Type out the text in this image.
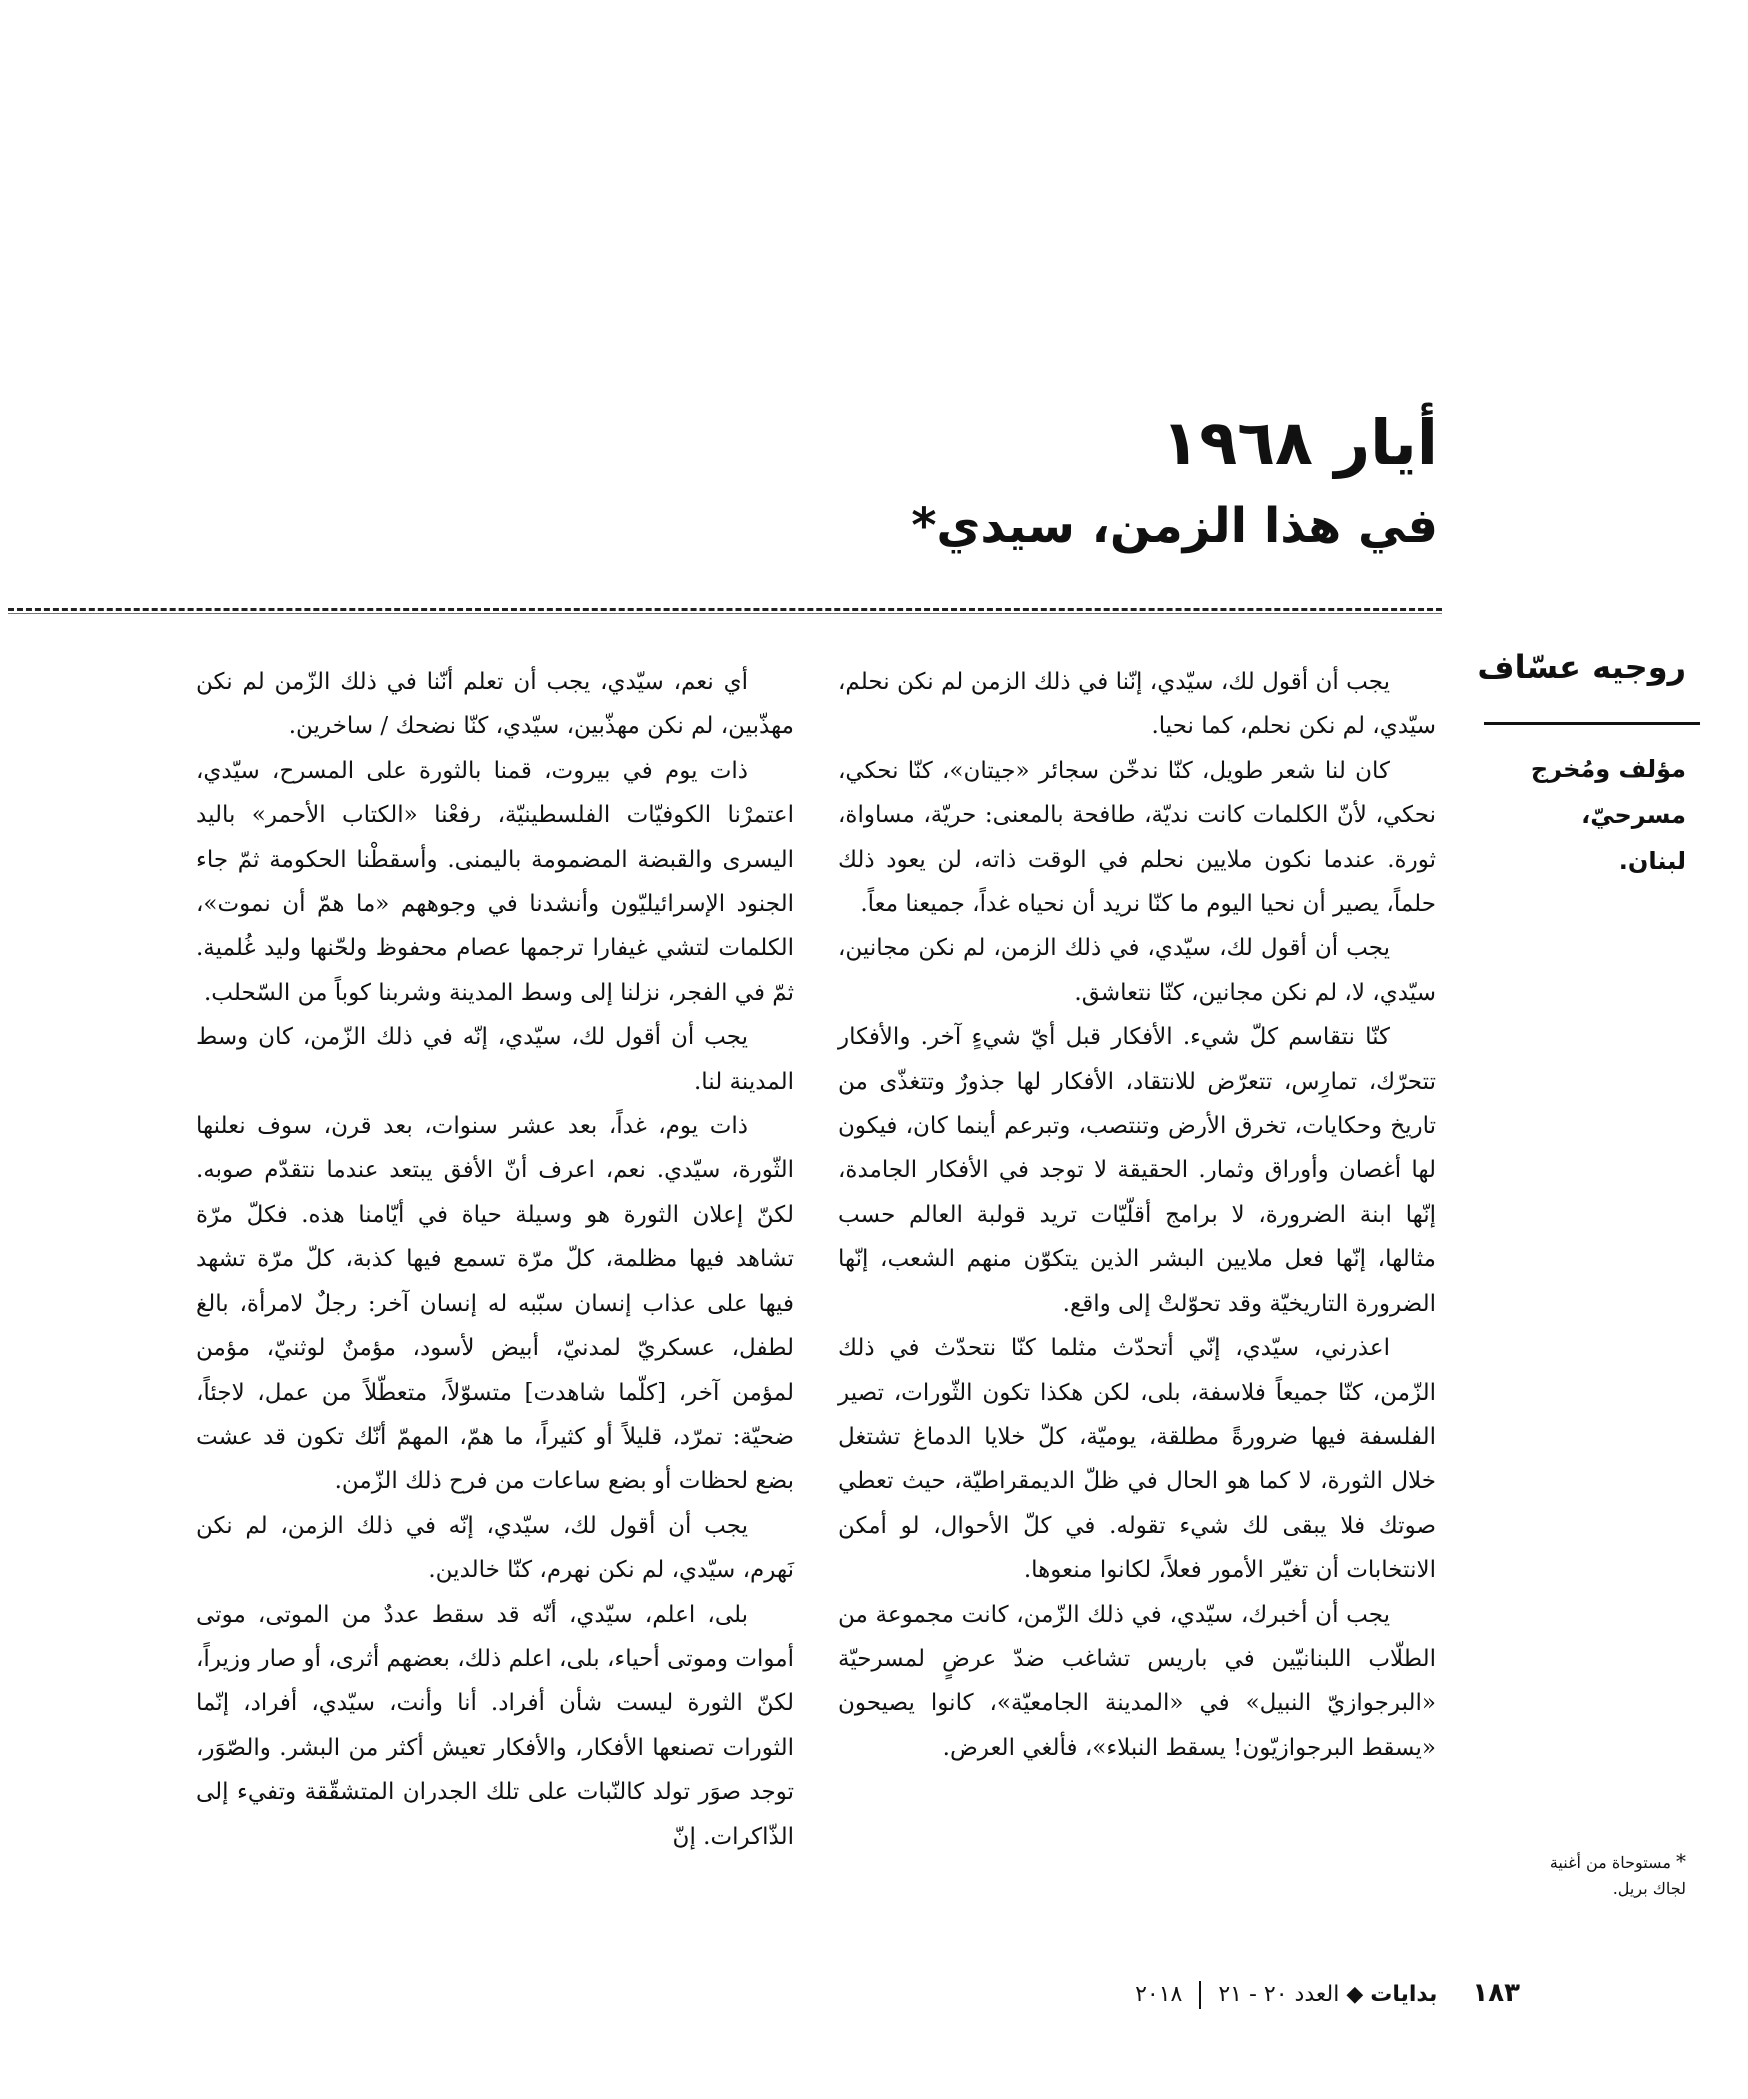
أيار ١٩٦٨
في هذا الزمن، سيدي*
روجيه عسّاف
مؤلف ومُخرج مسرحيّ، لبنان.

يجب أن أقول لك، سيّدي، إنّنا في ذلك الزمن لم نكن نحلم، سيّدي، لم نكن نحلم، كما نحيا.

كان لنا شعر طويل، كنّا ندخّن سجائر «جيتان»، كنّا نحكي، نحكي، لأنّ الكلمات كانت نديّة، طافحة بالمعنى: حريّة، مساواة، ثورة. عندما نكون ملايين نحلم في الوقت ذاته، لن يعود ذلك حلماً، يصير أن نحيا اليوم ما كنّا نريد أن نحياه غداً، جميعنا معاً.

يجب أن أقول لك، سيّدي، في ذلك الزمن، لم نكن مجانين، سيّدي، لا، لم نكن مجانين، كنّا نتعاشق.

كنّا نتقاسم كلّ شيء. الأفكار قبل أيّ شيءٍ آخر. والأفكار تتحرّك، تمارِس، تتعرّض للانتقاد، الأفكار لها جذورٌ وتتغذّى من تاريخ وحكايات، تخرق الأرض وتنتصب، وتبرعم أينما كان، فيكون لها أغصان وأوراق وثمار. الحقيقة لا توجد في الأفكار الجامدة، إنّها ابنة الضرورة، لا برامج أقلّيّات تريد قولبة العالم حسب مثالها، إنّها فعل ملايين البشر الذين يتكوّن منهم الشعب، إنّها الضرورة التاريخيّة وقد تحوّلتْ إلى واقع.

اعذرني، سيّدي، إنّي أتحدّث مثلما كنّا نتحدّث في ذلك الزّمن، كنّا جميعاً فلاسفة، بلى، لكن هكذا تكون الثّورات، تصير الفلسفة فيها ضرورةً مطلقة، يوميّة، كلّ خلايا الدماغ تشتغل خلال الثورة، لا كما هو الحال في ظلّ الديمقراطيّة، حيث تعطي صوتك فلا يبقى لك شيء تقوله. في كلّ الأحوال، لو أمكن الانتخابات أن تغيّر الأمور فعلاً، لكانوا منعوها.

يجب أن أخبرك، سيّدي، في ذلك الزّمن، كانت مجموعة من الطلّاب اللبنانيّين في باريس تشاغب ضدّ عرضٍ لمسرحيّة «البرجوازيّ النبيل» في «المدينة الجامعيّة»، كانوا يصيحون «يسقط البرجوازيّون! يسقط النبلاء»، فألغي العرض.

أي نعم، سيّدي، يجب أن تعلم أنّنا في ذلك الزّمن لم نكن مهذّبين، لم نكن مهذّبين، سيّدي، كنّا نضحك / ساخرين.

ذات يوم في بيروت، قمنا بالثورة على المسرح، سيّدي، اعتمرْنا الكوفيّات الفلسطينيّة، رفعْنا «الكتاب الأحمر» باليد اليسرى والقبضة المضمومة باليمنى. وأسقطْنا الحكومة ثمّ جاء الجنود الإسرائيليّون وأنشدنا في وجوههم «ما همّ أن نموت»، الكلمات لتشي غيفارا ترجمها عصام محفوظ ولحّنها وليد غُلمية. ثمّ في الفجر، نزلنا إلى وسط المدينة وشربنا كوباً من السّحلب.

يجب أن أقول لك، سيّدي، إنّه في ذلك الزّمن، كان وسط المدينة لنا.

ذات يوم، غداً، بعد عشر سنوات، بعد قرن، سوف نعلنها الثّورة، سيّدي. نعم، اعرف أنّ الأفق يبتعد عندما نتقدّم صوبه. لكنّ إعلان الثورة هو وسيلة حياة في أيّامنا هذه. فكلّ مرّة تشاهد فيها مظلمة، كلّ مرّة تسمع فيها كذبة، كلّ مرّة تشهد فيها على عذاب إنسان سبّبه له إنسان آخر: رجلٌ لامرأة، بالغ لطفل، عسكريّ لمدنيّ، أبيض لأسود، مؤمنٌ لوثنيّ، مؤمن لمؤمن آخر، [كلّما شاهدت] متسوّلاً، متعطّلاً من عمل، لاجئاً، ضحيّة: تمرّد، قليلاً أو كثيراً، ما همّ، المهمّ أنّك تكون قد عشت بضع لحظات أو بضع ساعات من فرح ذلك الزّمن.

يجب أن أقول لك، سيّدي، إنّه في ذلك الزمن، لم نكن نَهرم، سيّدي، لم نكن نهرم، كنّا خالدين.

بلى، اعلم، سيّدي، أنّه قد سقط عددٌ من الموتى، موتى أموات وموتى أحياء، بلى، اعلم ذلك، بعضهم أثرى، أو صار وزيراً، لكنّ الثورة ليست شأن أفراد. أنا وأنت، سيّدي، أفراد، إنّما الثورات تصنعها الأفكار، والأفكار تعيش أكثر من البشر. والصّوَر، توجد صوَر تولد كالنّبات على تلك الجدران المتشقّقة وتفيء إلى الذّاكرات. إنّ

* مستوحاة من أغنية لجاك بريل.
١٨٣ بدايات ◆ العدد ٢٠ - ٢١  ٢٠١٨
